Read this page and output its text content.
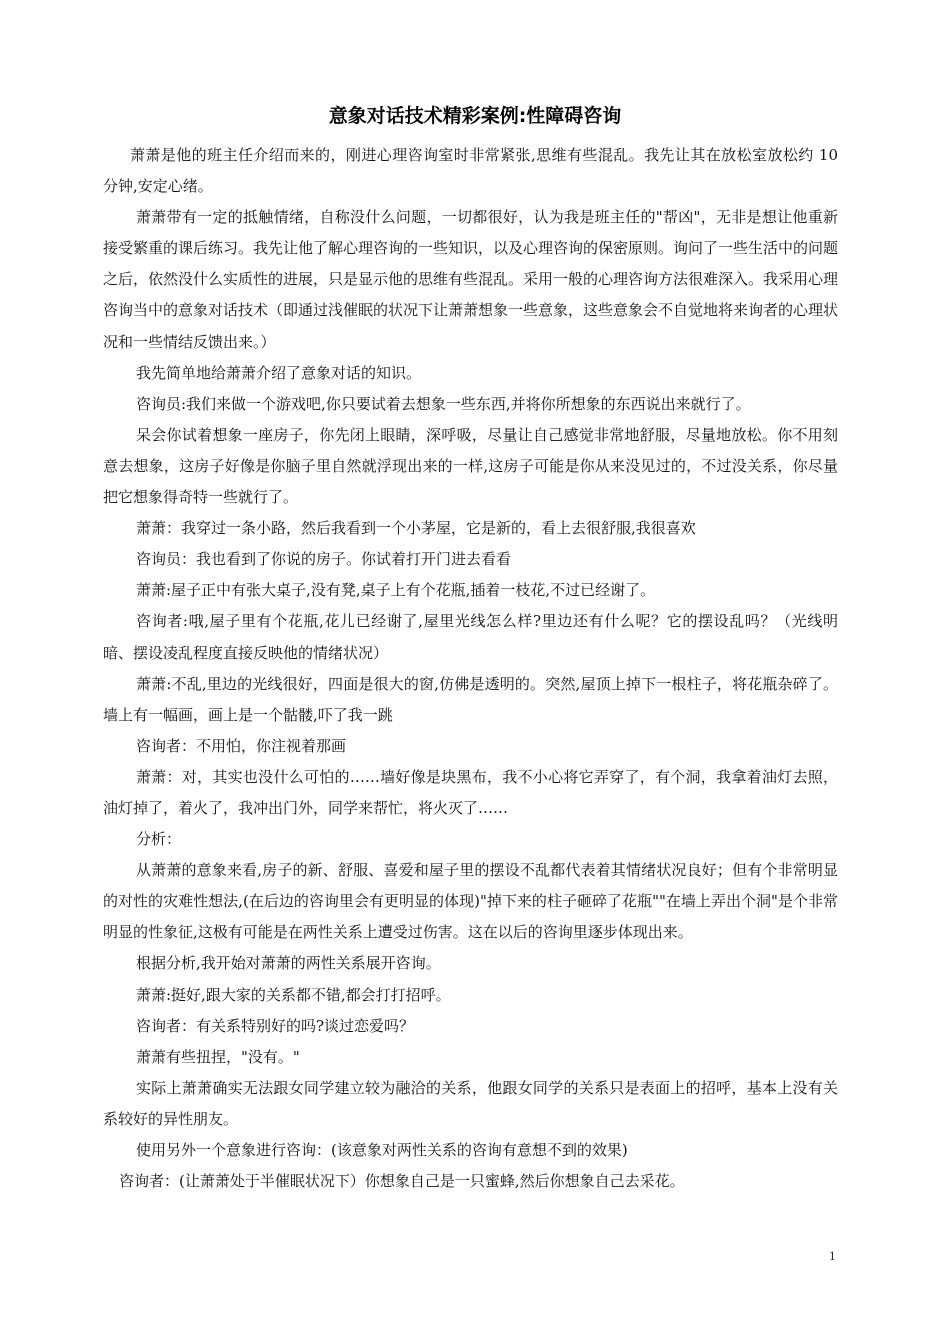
意象对话技术精彩案例:性障碍咨询

萧萧是他的班主任介绍而来的，刚进心理咨询室时非常紧张,思维有些混乱。我先让其在放松室放松约 10 分钟,安定心绪。

萧萧带有一定的抵触情绪，自称没什么问题，一切都很好，认为我是班主任的"帮凶"，无非是想让他重新接受繁重的课后练习。我先让他了解心理咨询的一些知识，以及心理咨询的保密原则。询问了一些生活中的问题之后，依然没什么实质性的进展，只是显示他的思维有些混乱。采用一般的心理咨询方法很难深入。我采用心理咨询当中的意象对话技术（即通过浅催眠的状况下让萧萧想象一些意象，这些意象会不自觉地将来询者的心理状况和一些情结反馈出来。）

我先简单地给萧萧介绍了意象对话的知识。

咨询员:我们来做一个游戏吧,你只要试着去想象一些东西,并将你所想象的东西说出来就行了。

呆会你试着想象一座房子，你先闭上眼睛，深呼吸，尽量让自己感觉非常地舒服，尽量地放松。你不用刻意去想象，这房子好像是你脑子里自然就浮现出来的一样,这房子可能是你从来没见过的，不过没关系，你尽量把它想象得奇特一些就行了。

萧萧：我穿过一条小路，然后我看到一个小茅屋，它是新的，看上去很舒服,我很喜欢

咨询员：我也看到了你说的房子。你试着打开门进去看看

萧萧:屋子正中有张大桌子,没有凳,桌子上有个花瓶,插着一枝花,不过已经谢了。

咨询者:哦,屋子里有个花瓶,花儿已经谢了,屋里光线怎么样?里边还有什么呢？它的摆设乱吗？（光线明暗、摆设凌乱程度直接反映他的情绪状况）

萧萧:不乱,里边的光线很好，四面是很大的窗,仿佛是透明的。突然,屋顶上掉下一根柱子，将花瓶杂碎了。墙上有一幅画，画上是一个骷髅,吓了我一跳

咨询者：不用怕，你注视着那画

萧萧：对，其实也没什么可怕的……墙好像是块黑布，我不小心将它弄穿了，有个洞，我拿着油灯去照，油灯掉了，着火了，我冲出门外，同学来帮忙，将火灭了……

分析：

从萧萧的意象来看,房子的新、舒服、喜爱和屋子里的摆设不乱都代表着其情绪状况良好；但有个非常明显的对性的灾难性想法,(在后边的咨询里会有更明显的体现)"掉下来的柱子砸碎了花瓶""在墙上弄出个洞"是个非常明显的性象征,这极有可能是在两性关系上遭受过伤害。这在以后的咨询里逐步体现出来。

根据分析,我开始对萧萧的两性关系展开咨询。

萧萧:挺好,跟大家的关系都不错,都会打打招呼。

咨询者：有关系特别好的吗?谈过恋爱吗？

萧萧有些扭捏，"没有。"

实际上萧萧确实无法跟女同学建立较为融洽的关系，他跟女同学的关系只是表面上的招呼，基本上没有关系较好的异性朋友。

使用另外一个意象进行咨询：(该意象对两性关系的咨询有意想不到的效果)

咨询者：(让萧萧处于半催眠状况下）你想象自己是一只蜜蜂,然后你想象自己去采花。

1
